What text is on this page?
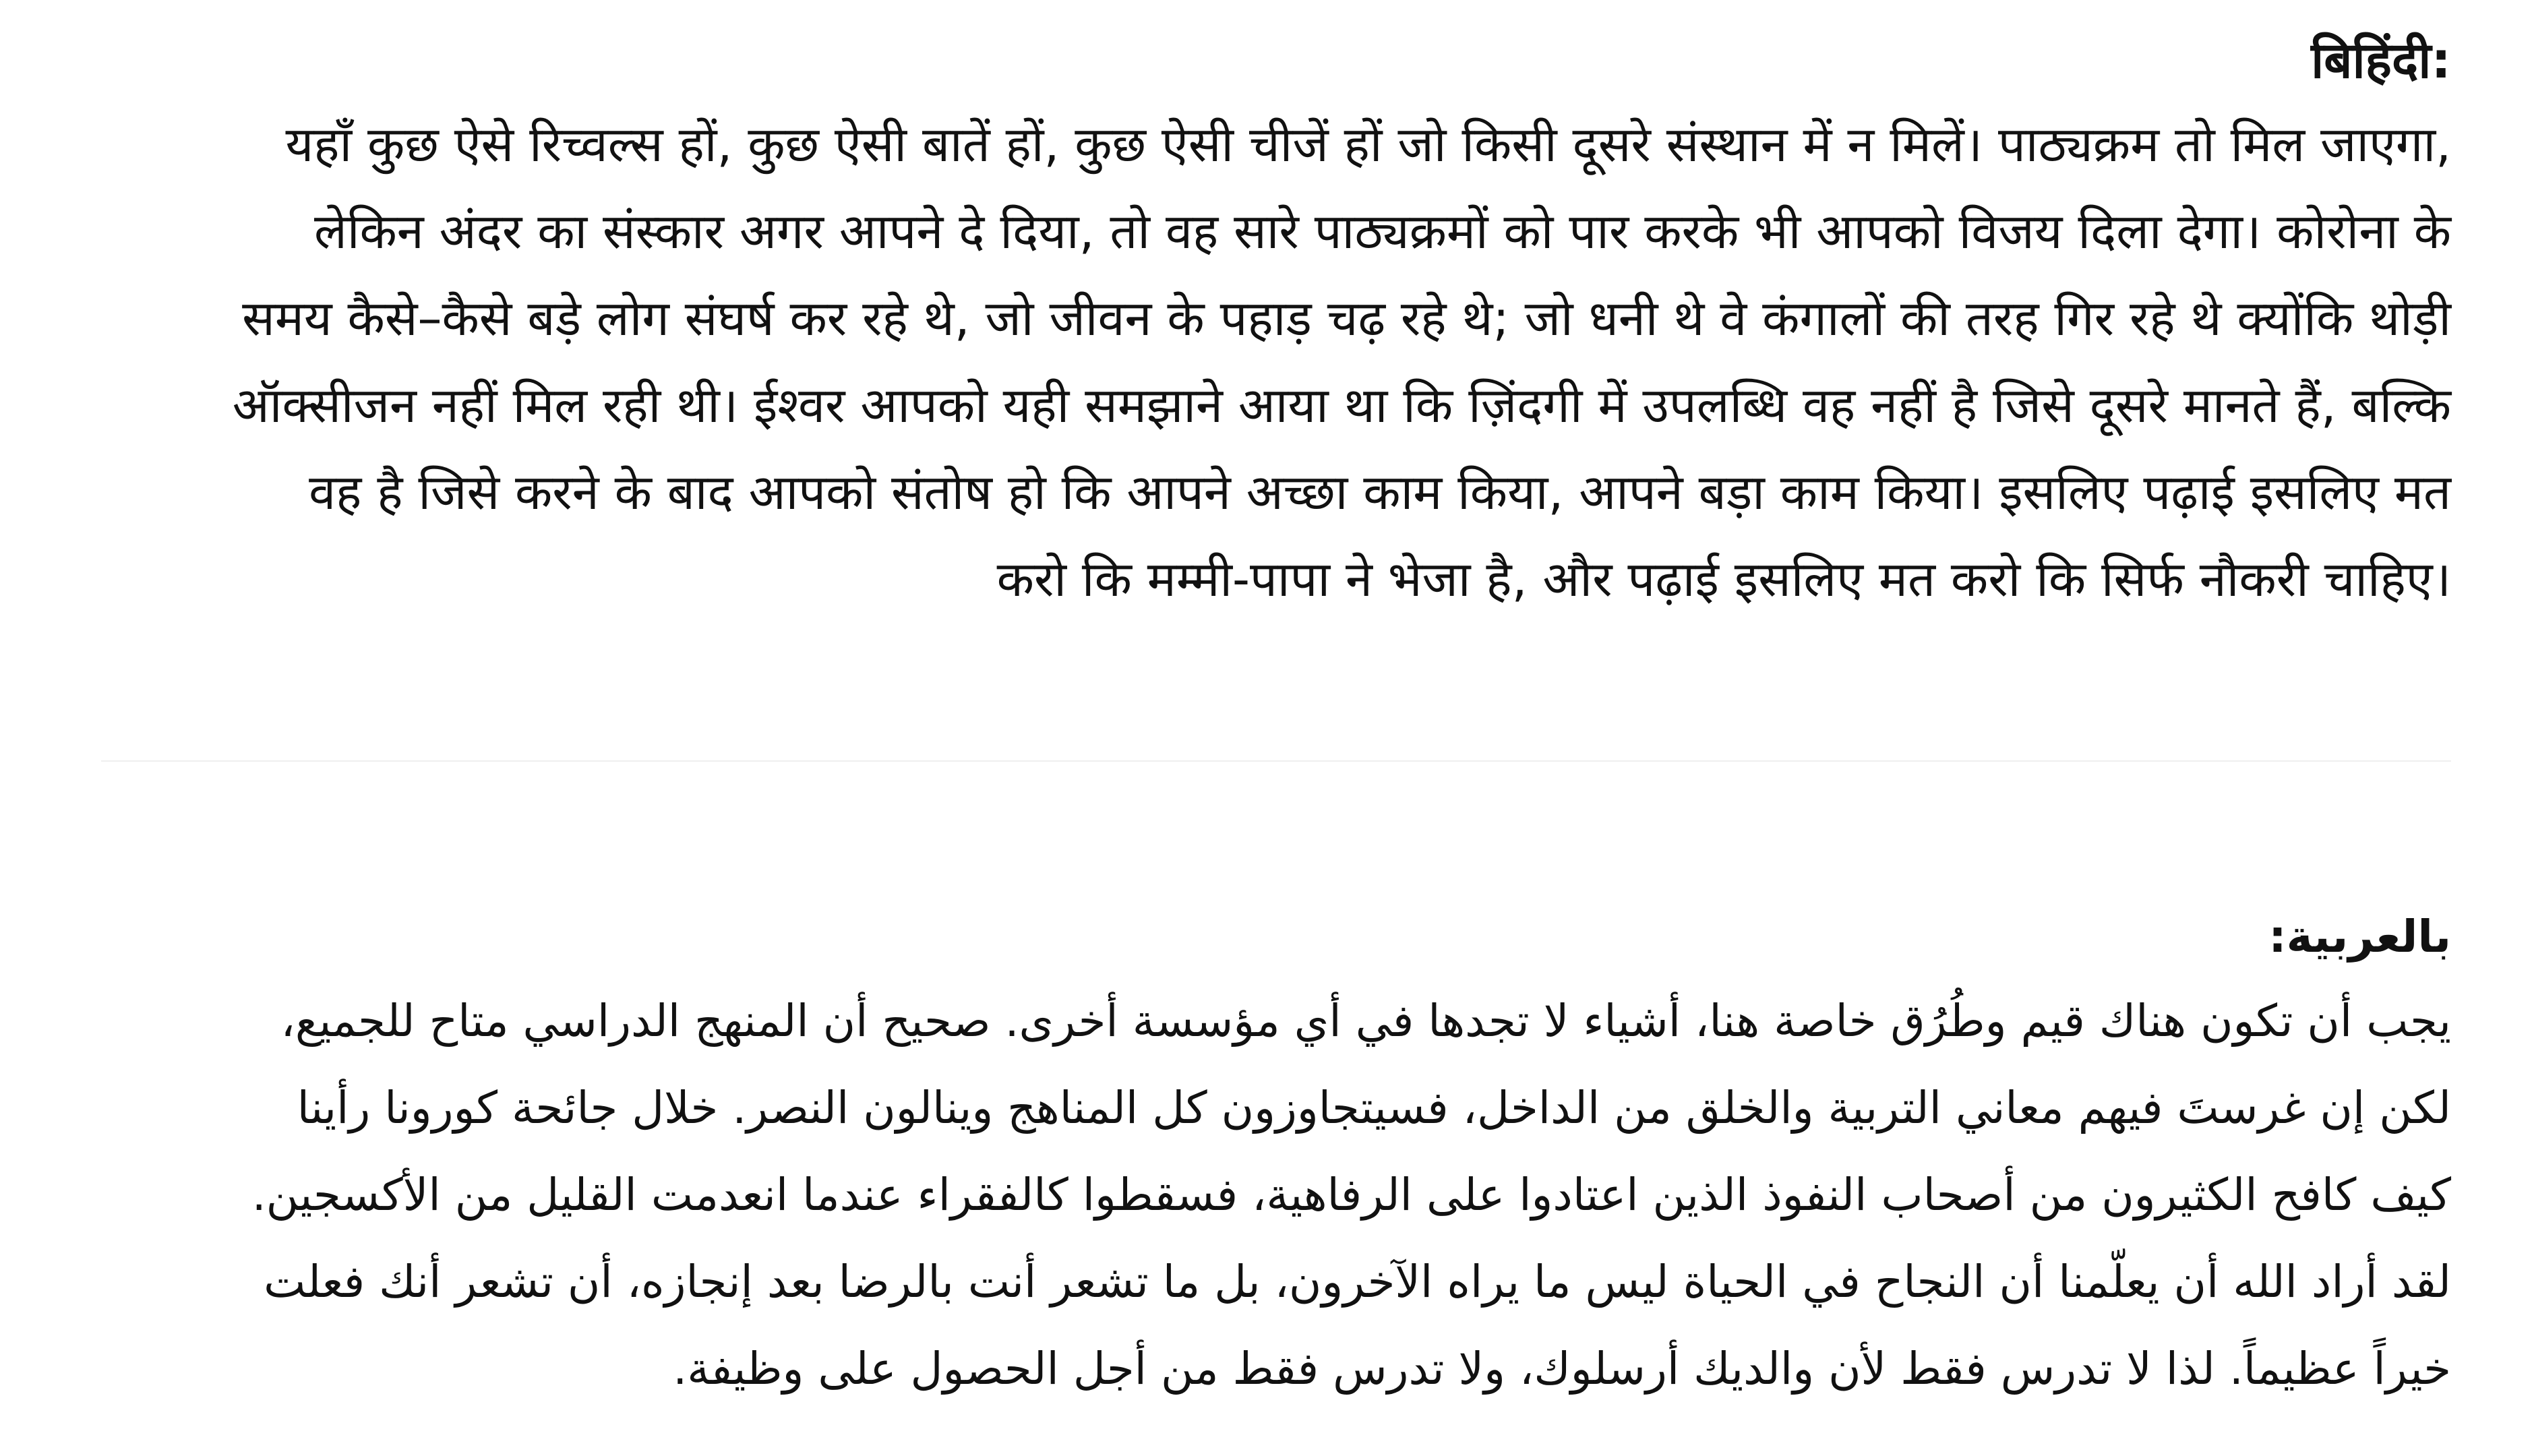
:बिहिंदी

यहाँ कुछ ऐसे रिच्वल्स हों, कुछ ऐसी बातें हों, कुछ ऐसी चीजें हों जो किसी दूसरे संस्थान में न मिलें। पाठ्यक्रम तो मिल जाएगा,

लेकिन अंदर का संस्कार अगर आपने दे दिया, तो वह सारे पाठ्यक्रमों को पार करके भी आपको विजय दिला देगा। कोरोना के

समय कैसे–कैसे बड़े लोग संघर्ष कर रहे थे, जो जीवन के पहाड़ चढ़ रहे थे; जो धनी थे वे कंगालों की तरह गिर रहे थे क्योंकि थोड़ी

ऑक्सीजन नहीं मिल रही थी। ईश्वर आपको यही समझाने आया था कि ज़िंदगी में उपलब्धि वह नहीं है जिसे दूसरे मानते हैं, बल्कि

वह है जिसे करने के बाद आपको संतोष हो कि आपने अच्छा काम किया, आपने बड़ा काम किया। इसलिए पढ़ाई इसलिए मत

करो कि मम्मी-पापा ने भेजा है, और पढ़ाई इसलिए मत करो कि सिर्फ नौकरी चाहिए।

بالعربية:

يجب أن تكون هناك قيم وطُرُق خاصة هنا، أشياء لا تجدها في أي مؤسسة أخرى. صحيح أن المنهج الدراسي متاح للجميع،

لكن إن غرستَ فيهم معاني التربية والخلق من الداخل، فسيتجاوزون كل المناهج وينالون النصر. خلال جائحة كورونا رأينا

كيف كافح الكثيرون من أصحاب النفوذ الذين اعتادوا على الرفاهية، فسقطوا كالفقراء عندما انعدمت القليل من الأكسجين.

لقد أراد الله أن يعلّمنا أن النجاح في الحياة ليس ما يراه الآخرون، بل ما تشعر أنت بالرضا بعد إنجازه، أن تشعر أنك فعلت

خيراً عظيماً. لذا لا تدرس فقط لأن والديك أرسلوك، ولا تدرس فقط من أجل الحصول على وظيفة.
